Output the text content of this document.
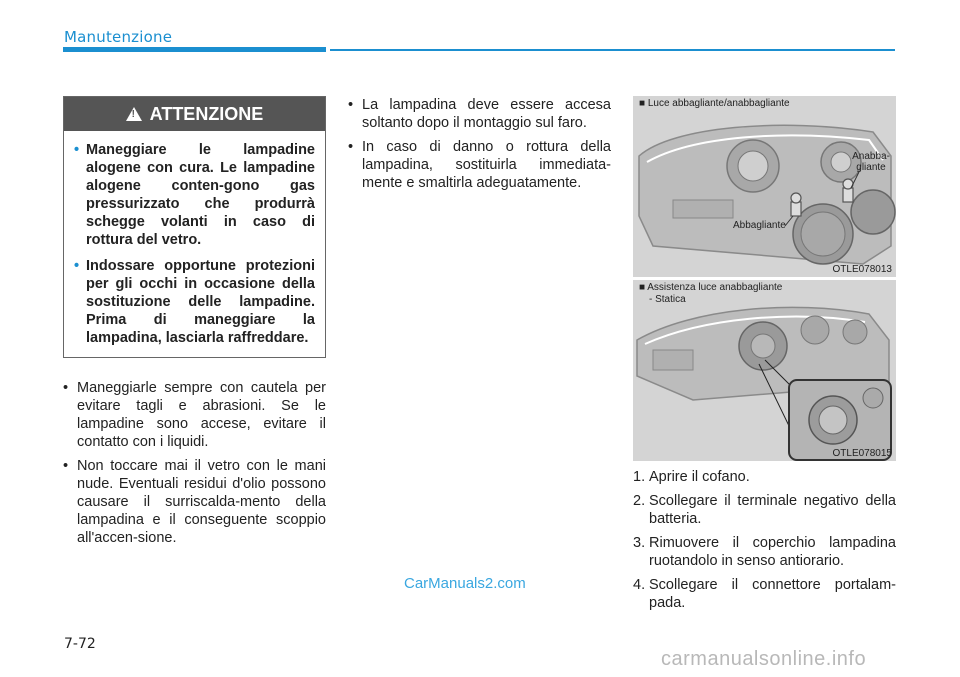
Manutenzione
!
ATTENZIONE
• Maneggiare le lampadine alogene con cura. Le lampadine alogene conten-gono gas pressurizzato che produrrà schegge volanti in caso di rottura del vetro.
• Indossare opportune protezioni per gli occhi in occasione della sostituzione delle lampadine. Prima di maneggiare la lampadina, lasciarla raffreddare.
• Maneggiarle sempre con cautela per evitare tagli e abrasioni. Se le lampadine sono accese, evitare il contatto con i liquidi.
• Non toccare mai il vetro con le mani nude. Eventuali residui d'olio possono causare il surriscalda-mento della lampadina e il conseguente scoppio all'accen-sione.
• La lampadina deve essere accesa soltanto dopo il montaggio sul faro.
• In caso di danno o rottura della lampadina, sostituirla immediata-mente e smaltirla adeguatamente.
■ Luce abbagliante/anabbagliante
Anabba-gliante
Abbagliante
OTLE078013
■ Assistenza luce anabbagliante
- Statica
OTLE078015
1. Aprire il cofano.
2. Scollegare il terminale negativo della batteria.
3. Rimuovere il coperchio lampadina ruotandolo in senso antiorario.
4. Scollegare il connettore portalam-pada.
CarManuals2.com
7-72
carmanualsonline.info
